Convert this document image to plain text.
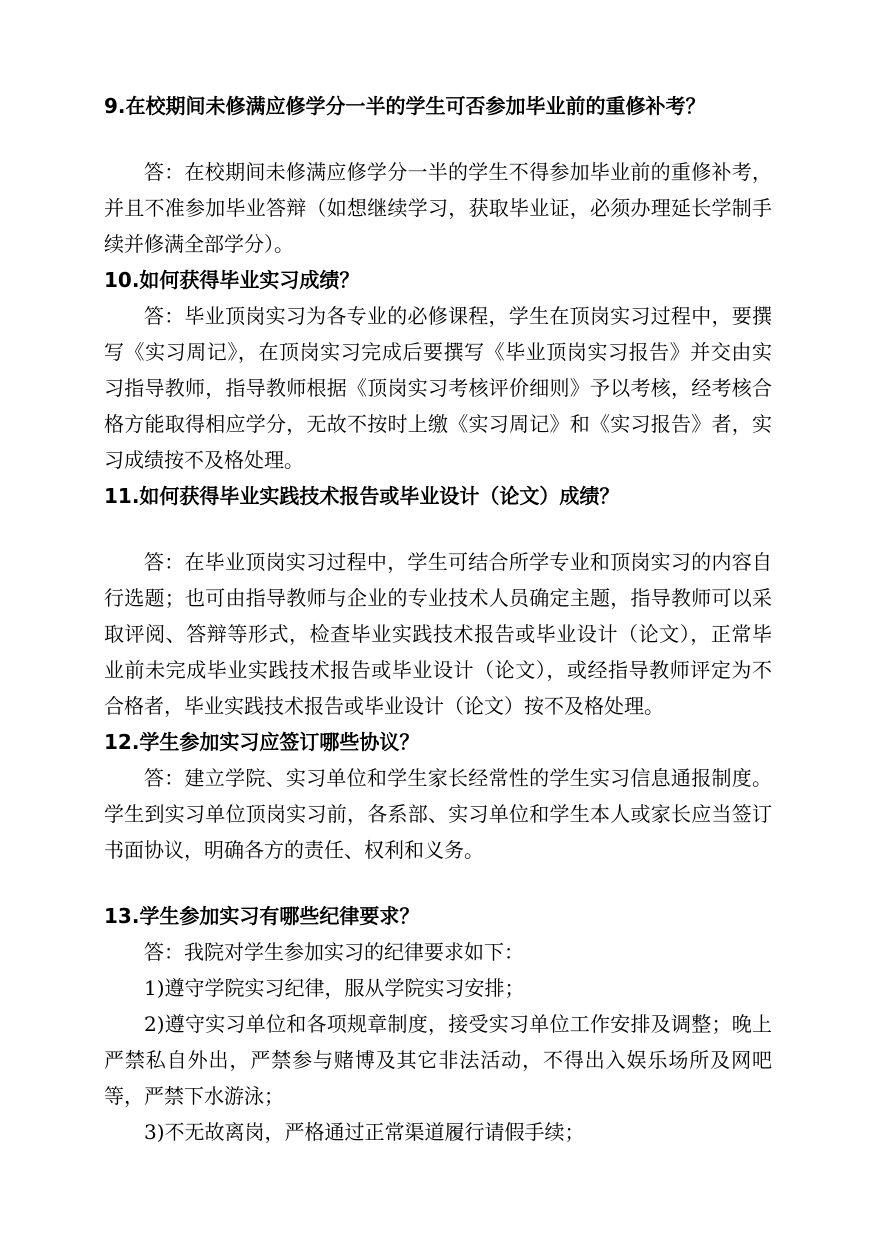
9.在校期间未修满应修学分一半的学生可否参加毕业前的重修补考？

答：在校期间未修满应修学分一半的学生不得参加毕业前的重修补考，并且不准参加毕业答辩（如想继续学习，获取毕业证，必须办理延长学制手续并修满全部学分）。

10.如何获得毕业实习成绩？

答：毕业顶岗实习为各专业的必修课程，学生在顶岗实习过程中，要撰写《实习周记》，在顶岗实习完成后要撰写《毕业顶岗实习报告》并交由实习指导教师，指导教师根据《顶岗实习考核评价细则》予以考核，经考核合格方能取得相应学分，无故不按时上缴《实习周记》和《实习报告》者，实习成绩按不及格处理。

11.如何获得毕业实践技术报告或毕业设计（论文）成绩？

答：在毕业顶岗实习过程中，学生可结合所学专业和顶岗实习的内容自行选题；也可由指导教师与企业的专业技术人员确定主题，指导教师可以采取评阅、答辩等形式，检查毕业实践技术报告或毕业设计（论文），正常毕业前未完成毕业实践技术报告或毕业设计（论文），或经指导教师评定为不合格者，毕业实践技术报告或毕业设计（论文）按不及格处理。

12.学生参加实习应签订哪些协议？

答：建立学院、实习单位和学生家长经常性的学生实习信息通报制度。学生到实习单位顶岗实习前，各系部、实习单位和学生本人或家长应当签订书面协议，明确各方的责任、权利和义务。

13.学生参加实习有哪些纪律要求？

答：我院对学生参加实习的纪律要求如下：

1)遵守学院实习纪律，服从学院实习安排；

2)遵守实习单位和各项规章制度，接受实习单位工作安排及调整；晚上严禁私自外出，严禁参与赌博及其它非法活动，不得出入娱乐场所及网吧等，严禁下水游泳；

3)不无故离岗，严格通过正常渠道履行请假手续；
